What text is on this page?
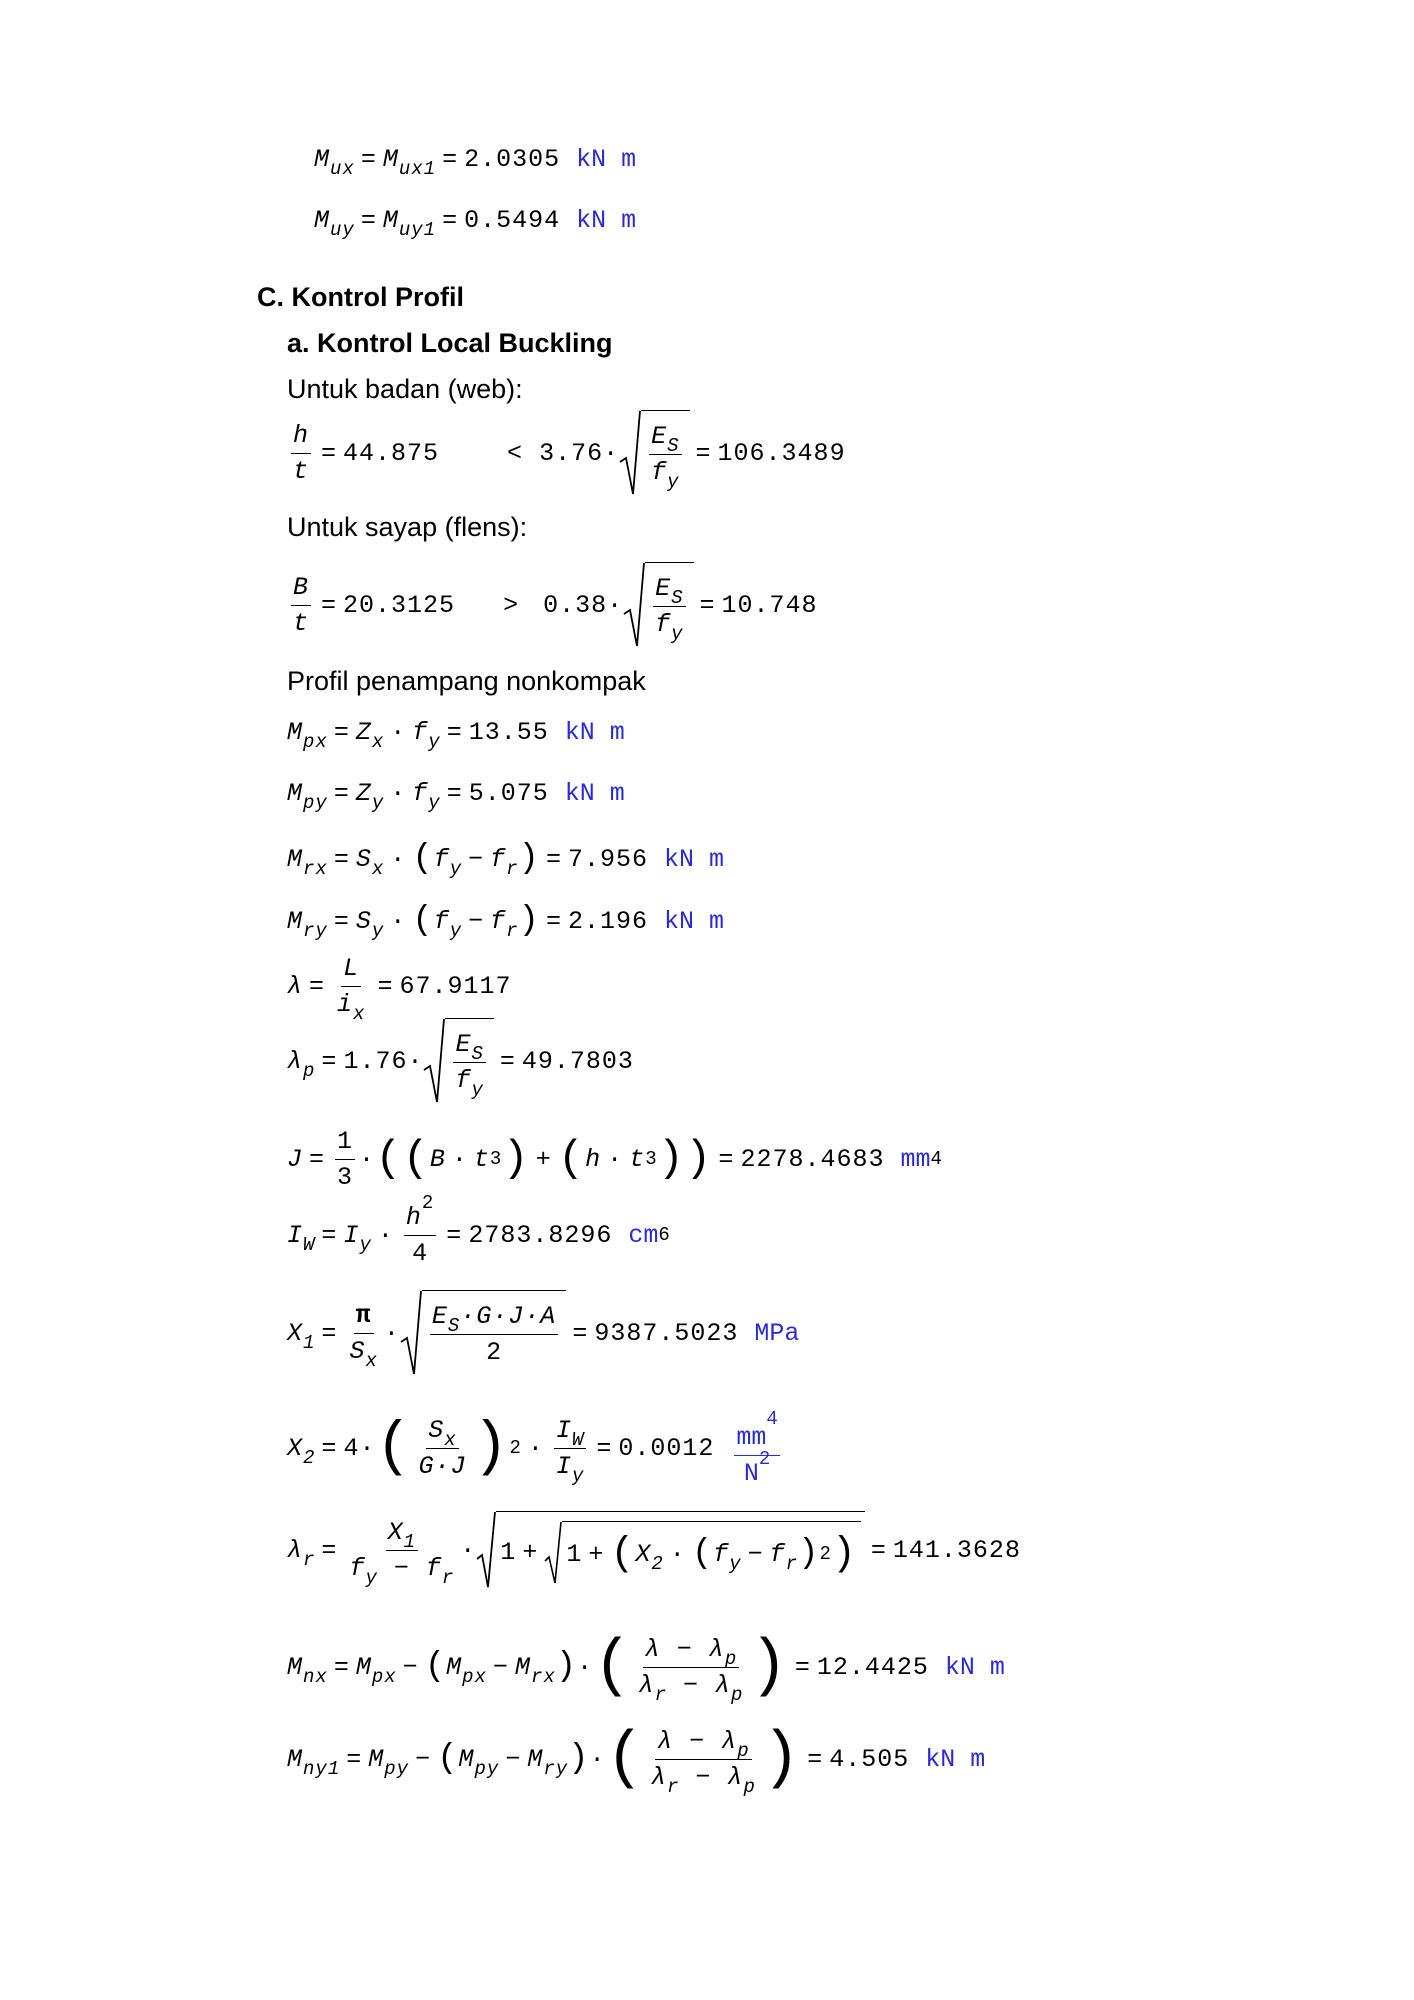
$M_{ux} = M_{ux1} = 2.0305$
kN m
$M_{uy} = M_{uy1} = 0.5494$
kN m
C. Kontrol Profil
a. Kontrol Local Buckling
Untuk badan (web):
$\frac{h}{t} = 44.875$	<
$3.76 \cdot \frac{E_S}{f_y} = 106.3489$
Untuk sayap (flens):
$\frac{B}{t} = 20.3125 > 0.38 \cdot \frac{E_S}{f_y} = 10.748$
Profil penampang nonkompak
$M_{px} = Z_x \cdot f_y = 13.55$
kN m
$M_{py} = Z_y \cdot f_y = 5.075$
kN m
$M_{rx} = S_x$ · ( $f_y - f_r$ ) = 7.956
kN m
$M_{ry} = S_y$ · ( $f_y - f_r$ ) = 2.196
kN m
$\lambda = \frac{L}{i_x} = 67.9117$
$\lambda_p = 1.76 \cdot \frac{E_S}{f_y} = 49.7803$
$J = \frac{1}{3}$ · ( ( B · t 3 ) + ( h · t 3 ) ) = 2278.4683
mm 4
$I_W = I_y \cdot \frac{h^2}{4} = 2783.8296$
cm 6
$X_1 = \frac{\pi}{S_x} \cdot \frac{E_S\cdot G\cdot J\cdot A}{2} = 9387.5023$
MPa
$X_2 = 4$ · ( $\frac{S_x}{G\cdot J}$ ) $2 \cdot \frac{I_W}{I_y} = 0.0012$
$\frac{mm^4}{N^2}$
$\lambda_r = \frac{X_1}{f_y - f_r} \cdot 1 + 1$ + ( $X_2$ · ( $f_y - f_r$ ) 2 ) = 141.3628
$M_{nx} = M_{px}$ − ( $M_{px} - M_{rx}$ ) · ( $\frac{\lambda - \lambda_p}{\lambda_r - \lambda_p}$ ) = 12.4425
kN m
$M_{ny1} = M_{py}$ − ( $M_{py} - M_{ry}$ ) · ( $\frac{\lambda - \lambda_p}{\lambda_r - \lambda_p}$ ) = 4.505
kN m
